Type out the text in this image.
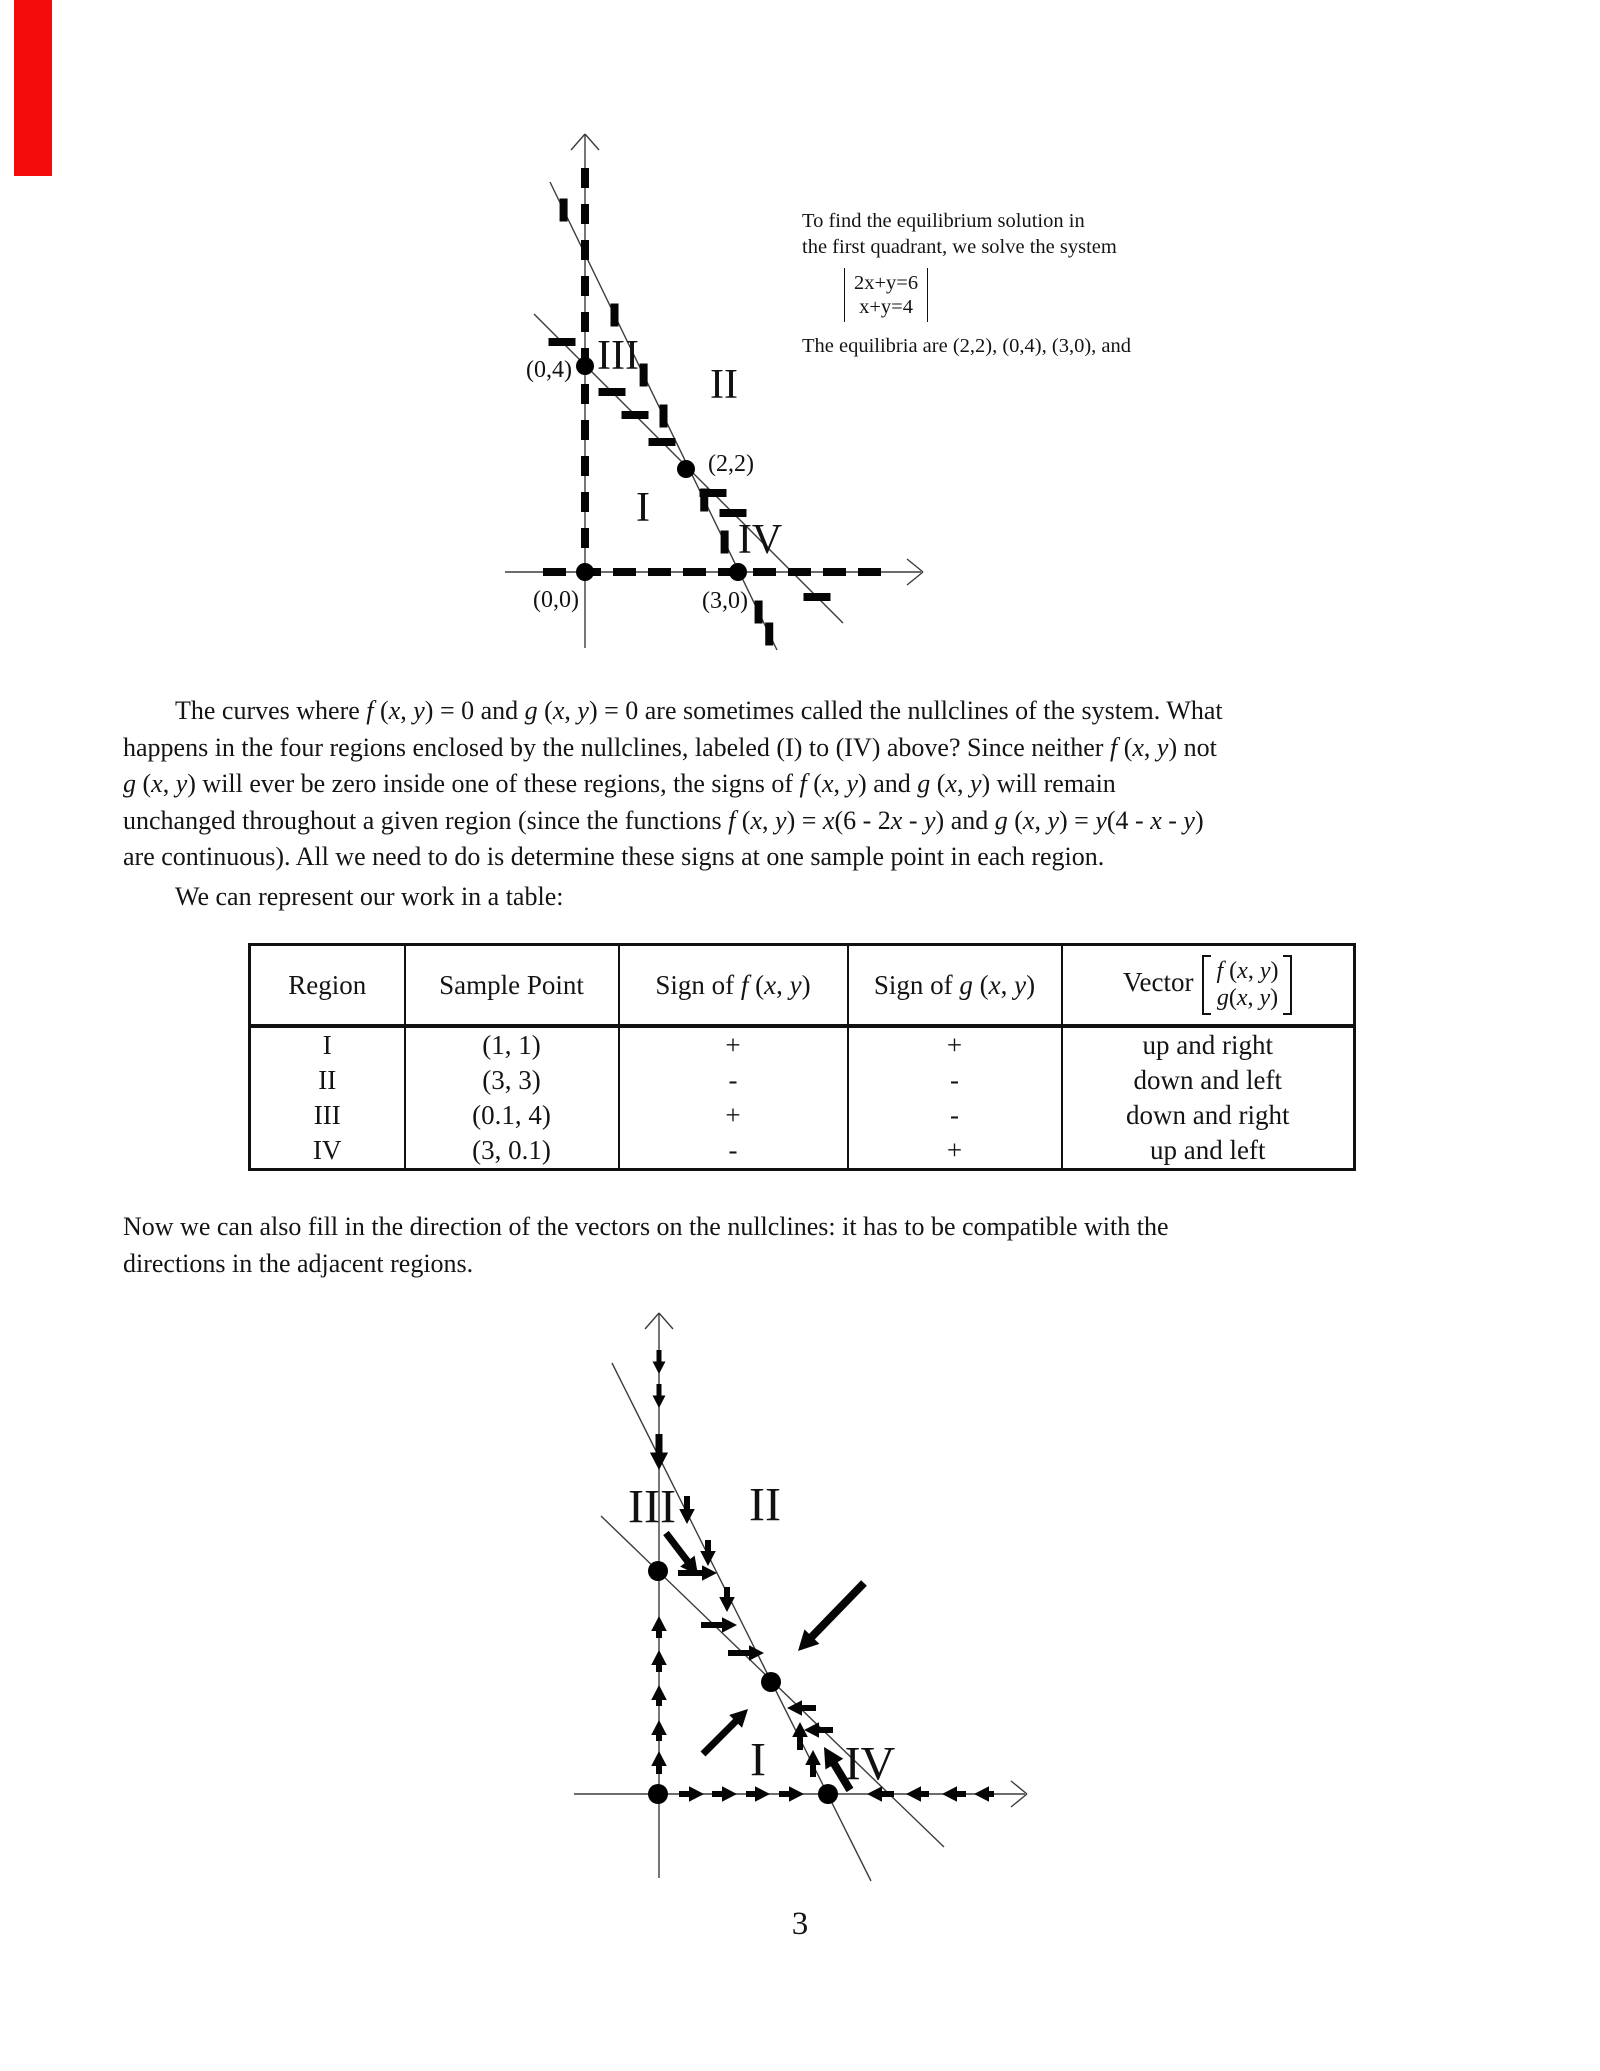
(0,4)
(0,0)	(3,0)
(2,2)
I
II
III
IV
To find the equilibrium solution in
the first quadrant, we solve the system
2x+y=6
x+y=4
The equilibria are (2,2), (0,4), (3,0), and
The curves where f (x, y) = 0 and g (x, y) = 0 are sometimes called the nullclines of the system. What
happens in the four regions enclosed by the nullclines, labeled (I) to (IV) above? Since neither f (x, y) not
g (x, y) will ever be zero inside one of these regions, the signs of f (x, y) and g (x, y) will remain
unchanged throughout a given region (since the functions f (x, y) = x(6 - 2x - y) and g (x, y) = y(4 - x - y)
are continuous). All we need to do is determine these signs at one sample point in each region.
We can represent our work in a table:
Region	Sample Point	Sign of f (x, y)	Sign of g (x, y)	Vector f (x, y)
g(x, y)

I	(1, 1)	+	+	up and right
II	(3, 3)	-	-	down and left
III	(0.1, 4)	+	-	down and right
IV	(3, 0.1)	-	+	up and left
Now we can also fill in the direction of the vectors on the nullclines: it has to be compatible with the
directions in the adjacent regions.
III II
I IV
3
